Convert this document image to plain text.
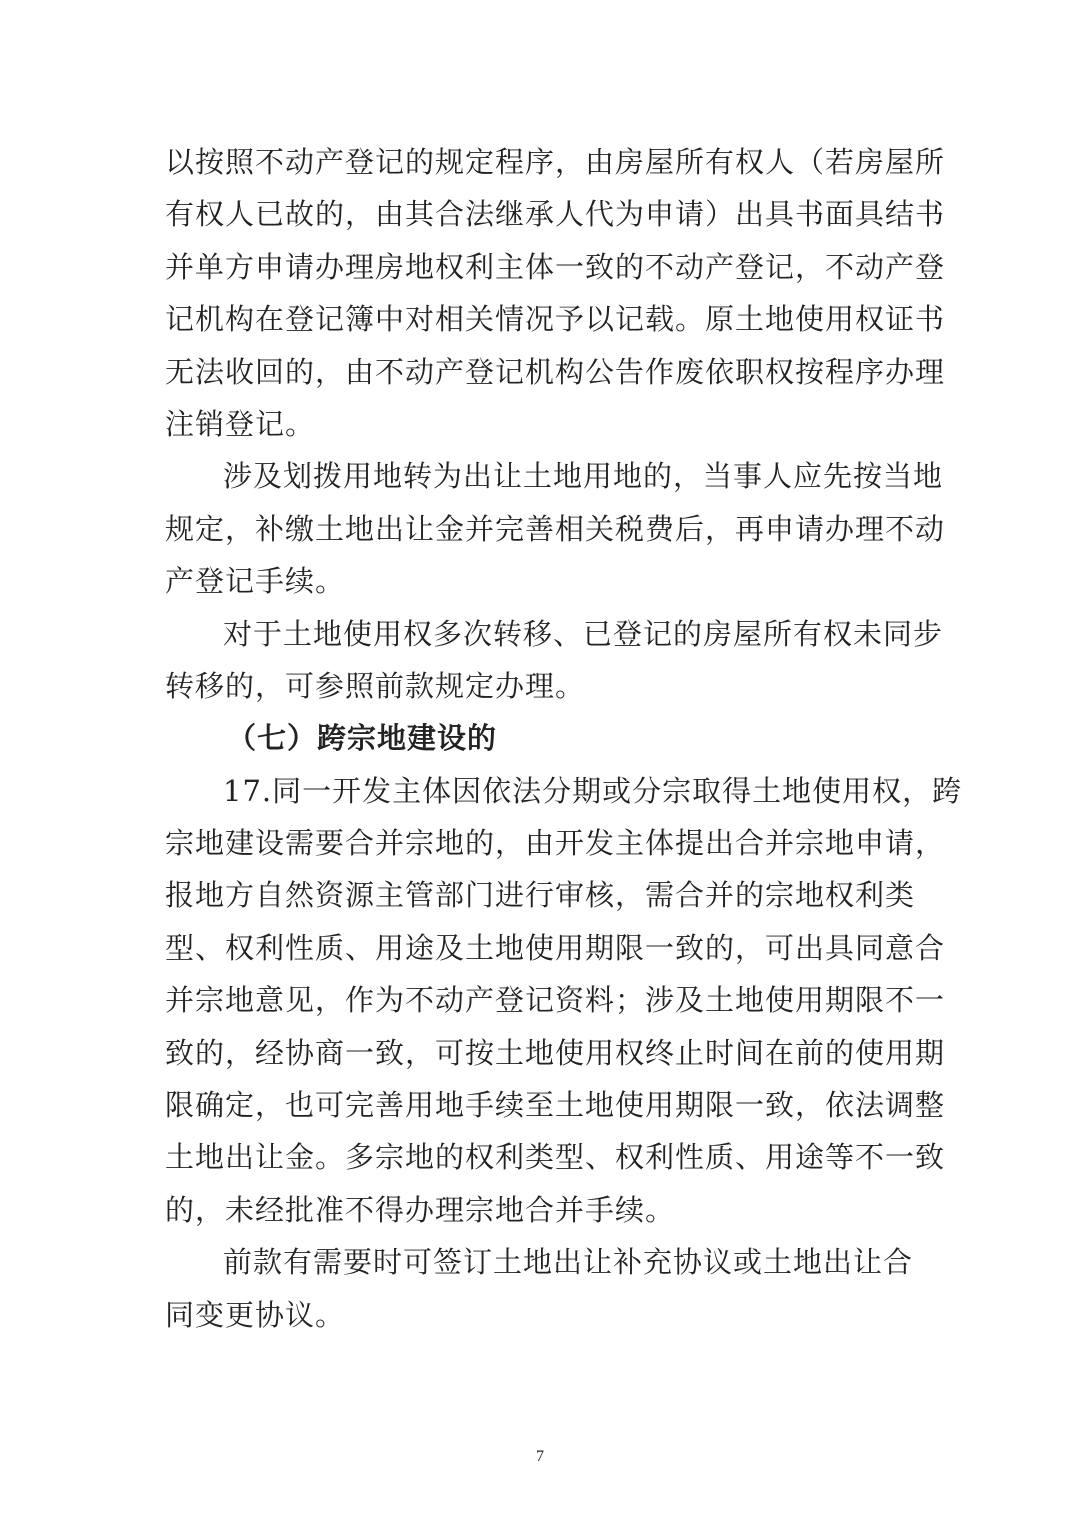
以按照不动产登记的规定程序，由房屋所有权人（若房屋所
有权人已故的，由其合法继承人代为申请）出具书面具结书
并单方申请办理房地权利主体一致的不动产登记，不动产登
记机构在登记簿中对相关情况予以记载。原土地使用权证书
无法收回的，由不动产登记机构公告作废依职权按程序办理
注销登记。
涉及划拨用地转为出让土地用地的，当事人应先按当地
规定，补缴土地出让金并完善相关税费后，再申请办理不动
产登记手续。
对于土地使用权多次转移、已登记的房屋所有权未同步
转移的，可参照前款规定办理。
（七）跨宗地建设的
17.同一开发主体因依法分期或分宗取得土地使用权，跨
宗地建设需要合并宗地的，由开发主体提出合并宗地申请，
报地方自然资源主管部门进行审核，需合并的宗地权利类
型、权利性质、用途及土地使用期限一致的，可出具同意合
并宗地意见，作为不动产登记资料；涉及土地使用期限不一
致的，经协商一致，可按土地使用权终止时间在前的使用期
限确定，也可完善用地手续至土地使用期限一致，依法调整
土地出让金。多宗地的权利类型、权利性质、用途等不一致
的，未经批准不得办理宗地合并手续。
前款有需要时可签订土地出让补充协议或土地出让合
同变更协议。
7
